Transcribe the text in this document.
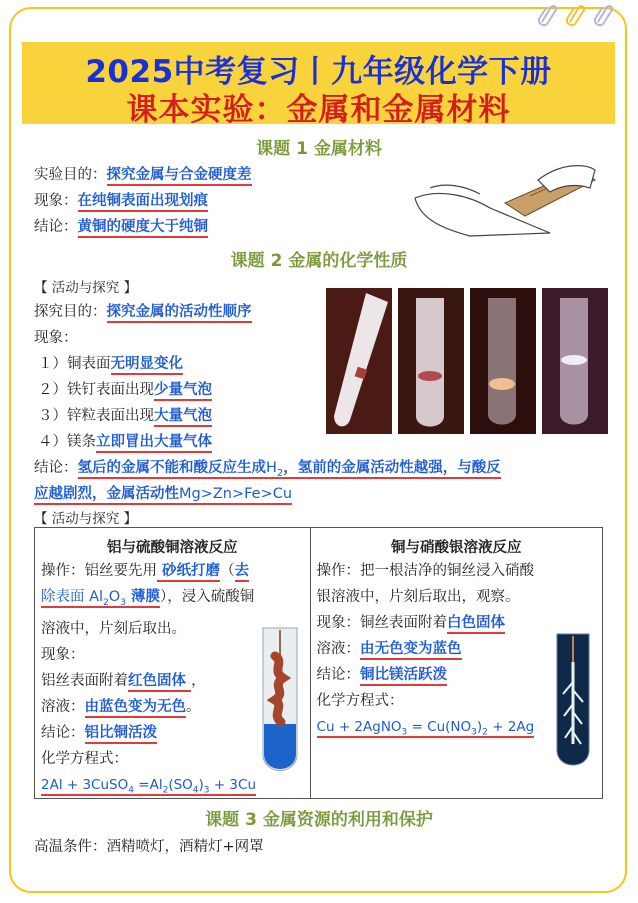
2025中考复习丨九年级化学下册
课本实验：金属和金属材料
课题 1 金属材料
实验目的：探究金属与合金硬度差
现象：在纯铜表面出现划痕
结论：黄铜的硬度大于纯铜
课题 2 金属的化学性质
【 活动与探究 】
探究目的：探究金属的活动性顺序
现象：
１）铜表面无明显变化
２）铁钉表面出现少量气泡
３）锌粒表面出现大量气泡
４）镁条立即冒出大量气体
结论：氢后的金属不能和酸反应生成$H_2$，氢前的金属活动性越强，与酸反
应越剧烈，金属活动性Mg>Zn>Fe>Cu
【 活动与探究 】
铝与硫酸铜溶液反应
操作：铝丝要先用 砂纸打磨（去
除表面 $Al_2O_3$ 薄膜），浸入硫酸铜
溶液中，片刻后取出。
现象：
铝丝表面附着红色固体 ，
溶液：由蓝色变为无色。
结论：铝比铜活泼
化学方程式：
2Al + 3CuSO$_4$ $=Al_2(SO_4)_3 + 3Cu$

铜与硝酸银溶液反应
操作：把一根洁净的铜丝浸入硝酸
银溶液中，片刻后取出，观察。
现象：铜丝表面附着白色固体
溶液：由无色变为蓝色
结论：铜比镁活跃泼
化学方程式：
Cu + 2AgNO$_3$ = $Cu(NO_3)_2 + 2Ag$
课题 3 金属资源的利用和保护
高温条件：酒精喷灯，酒精灯+网罩
